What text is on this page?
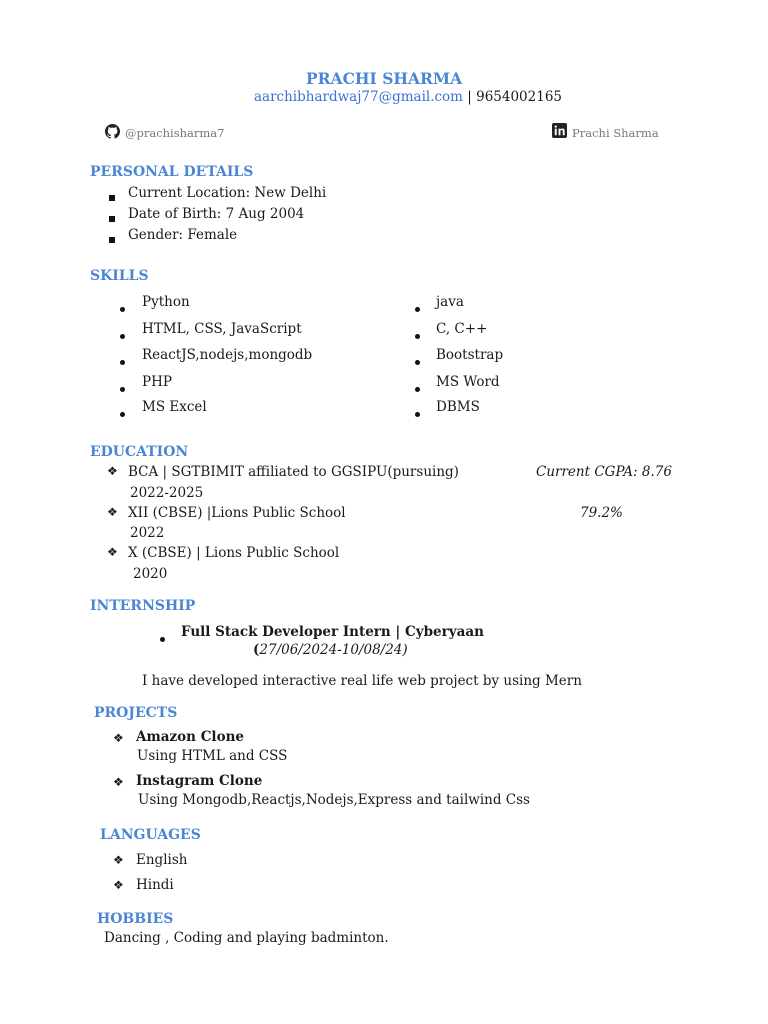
PRACHI SHARMA
aarchibhardwaj77@gmail.com | 9654002165
@prachisharma7	Prachi Sharma
PERSONAL DETAILS
Current Location: New Delhi
Date of Birth: 7 Aug 2004
Gender: Female
SKILLS
Python
HTML, CSS, JavaScript
ReactJS,nodejs,mongodb
PHP
MS Excel
java
C, C++
Bootstrap
MS Word
DBMS
EDUCATION
❖ BCA | SGTBIMIT affiliated to GGSIPU(pursuing)	Current CGPA: 8.76
2022-2025
❖ XII (CBSE) |Lions Public School	79.2%
2022
❖ X (CBSE) | Lions Public School
2020
INTERNSHIP
Full Stack Developer Intern | Cyberyaan
(27/06/2024-10/08/24)
I have developed interactive real life web project by using Mern
PROJECTS
❖ Amazon Clone
Using HTML and CSS
❖ Instagram Clone
Using Mongodb,Reactjs,Nodejs,Express and tailwind Css
LANGUAGES
❖ English
❖ Hindi
HOBBIES
Dancing , Coding and playing badminton.
